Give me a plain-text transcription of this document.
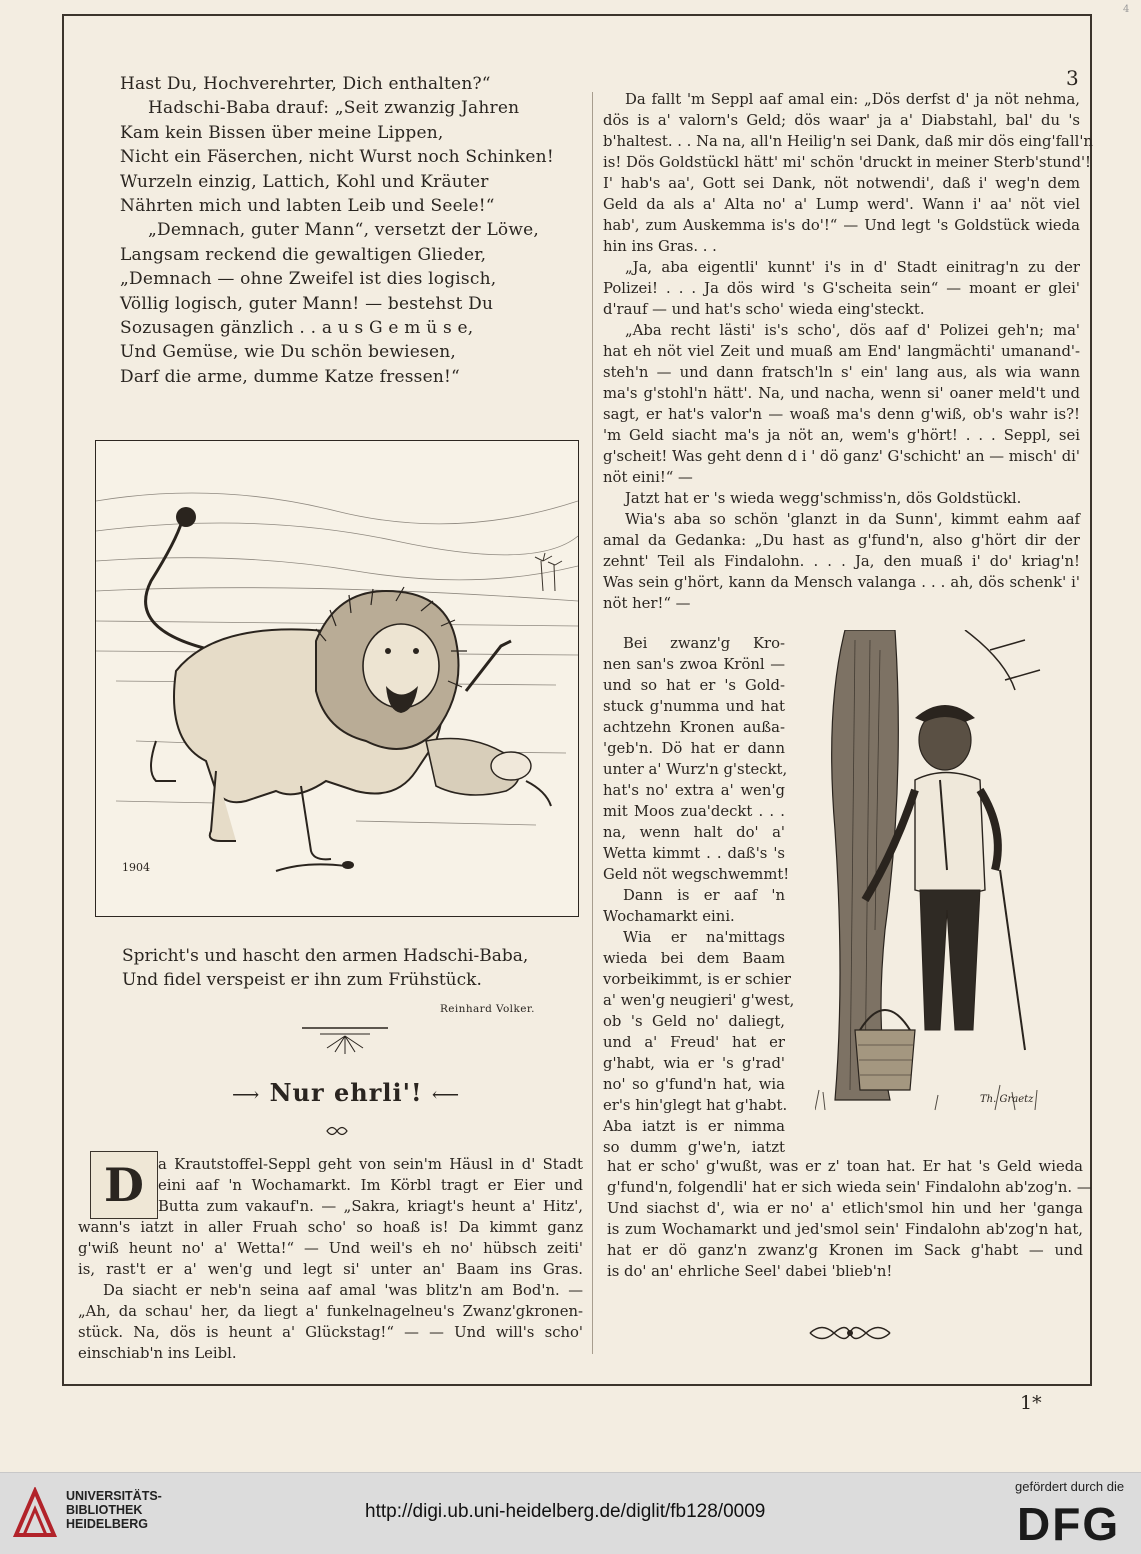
4
3
Hast Du, Hochverehrter, Dich enthalten?“
Hadschi-Baba drauf: „Seit zwanzig Jahren
Kam kein Bissen über meine Lippen,
Nicht ein Fäserchen, nicht Wurst noch Schinken!
Wurzeln einzig, Lattich, Kohl und Kräuter
Nährten mich und labten Leib und Seele!“
„Demnach, guter Mann“, versetzt der Löwe,
Langsam reckend die gewaltigen Glieder,
„Demnach — ohne Zweifel ist dies logisch,
Völlig logisch, guter Mann! — bestehst Du
Sozusagen gänzlich . . a u s G e m ü s e,
Und Gemüse, wie Du schön bewiesen,
Darf die arme, dumme Katze fressen!“
1904
Spricht's und hascht den armen Hadschi-Baba,
Und fidel verspeist er ihn zum Frühstück.
Reinhard Volker.
⟶ Nur ehrli'! ⟵
D a Krautstoffel-Seppl geht von sein'm Häusl in d' Stadt
eini aaf 'n Wochamarkt. Im Körbl tragt er Eier und
Butta zum vakauf'n. — „Sakra, kriagt's heunt a' Hitz',
wann's iatzt in aller Fruah scho' so hoaß is! Da kimmt ganz
g'wiß heunt no' a' Wetta!“ — Und weil's eh no' hübsch zeiti'
is, rast't er a' wen'g und legt si' unter an' Baam ins Gras.
Da siacht er neb'n seina aaf amal 'was blitz'n am Bod'n. —
„Ah, da schau' her, da liegt a' funkelnagelneu's Zwanz'gkronen-
stück. Na, dös is heunt a' Glückstag!“ — — Und will's scho'
einschiab'n ins Leibl.
Da fallt 'm Seppl aaf amal ein: „Dös derfst d' ja nöt nehma,
dös is a' valorn's Geld; dös waar' ja a' Diabstahl, bal' du 's
b'haltest. . . Na na, all'n Heilig'n sei Dank, daß mir dös eing'fall'n
is! Dös Goldstückl hätt' mi' schön 'druckt in meiner Sterb'stund'!
I' hab's aa', Gott sei Dank, nöt notwendi', daß i' weg'n dem
Geld da als a' Alta no' a' Lump werd'. Wann i' aa' nöt viel
hab', zum Auskemma is's do'!“ — Und legt 's Goldstück wieda
hin ins Gras. . .
„Ja, aba eigentli' kunnt' i's in d' Stadt einitrag'n zu der
Polizei! . . . Ja dös wird 's G'scheita sein“ — moant er glei'
d'rauf — und hat's scho' wieda eing'steckt.
„Aba recht lästi' is's scho', dös aaf d' Polizei geh'n; ma'
hat eh nöt viel Zeit und muaß am End' langmächti' umanand'-
steh'n — und dann fratsch'ln s' ein' lang aus, als wia wann
ma's g'stohl'n hätt'. Na, und nacha, wenn si' oaner meld't und
sagt, er hat's valor'n — woaß ma's denn g'wiß, ob's wahr is?!
'm Geld siacht ma's ja nöt an, wem's g'hört! . . . Seppl, sei
g'scheit! Was geht denn d i ' dö ganz' G'schicht' an — misch' di'
nöt eini!“ —
Jatzt hat er 's wieda wegg'schmiss'n, dös Goldstückl.
Wia's aba so schön 'glanzt in da Sunn', kimmt eahm aaf
amal da Gedanka: „Du hast as g'fund'n, also g'hört dir der
zehnt' Teil als Findalohn. . . . Ja, den muaß i' do' kriag'n!
Was sein g'hört, kann da Mensch valanga . . . ah, dös schenk' i'
nöt her!“ —
Bei zwanz'g Kro-
nen san's zwoa Krönl —
und so hat er 's Gold-
stuck g'numma und hat
achtzehn Kronen außa-
'geb'n. Dö hat er dann
unter a' Wurz'n g'steckt,
hat's no' extra a' wen'g
mit Moos zua'deckt . . .
na, wenn halt do' a'
Wetta kimmt . . daß's 's
Geld nöt wegschwemmt!
Dann is er aaf 'n
Wochamarkt eini.
Wia er na'mittags
wieda bei dem Baam
vorbeikimmt, is er schier
a' wen'g neugieri' g'west,
ob 's Geld no' daliegt,
und a' Freud' hat er
g'habt, wia er 's g'rad'
no' so g'fund'n hat, wia
er's hin'glegt hat g'habt.
Aba iatzt is er nimma
so dumm g'we'n, iatzt
Th. Graetz
hat er scho' g'wußt, was er z' toan hat. Er hat 's Geld wieda
g'fund'n, folgendli' hat er sich wieda sein' Findalohn ab'zog'n. —
Und siachst d', wia er no' a' etlich'smol hin und her 'ganga
is zum Wochamarkt und jed'smol sein' Findalohn ab'zog'n hat,
hat er dö ganz'n zwanz'g Kronen im Sack g'habt — und
is do' an' ehrliche Seel' dabei 'blieb'n!
1*
UNIVERSITÄTS-
BIBLIOTHEK
HEIDELBERG
http://digi.ub.uni-heidelberg.de/diglit/fb128/0009
gefördert durch die
DFG
